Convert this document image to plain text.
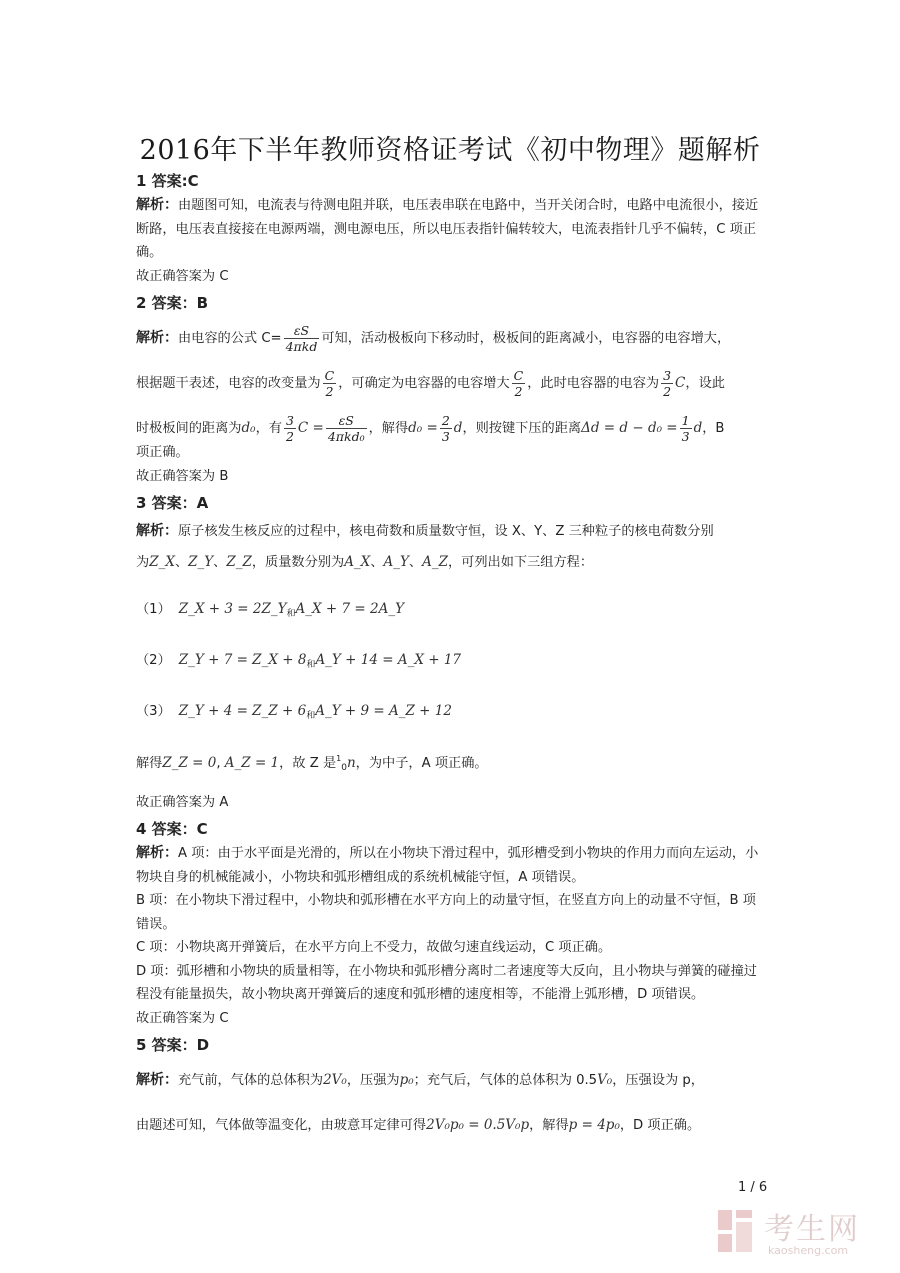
2016年下半年教师资格证考试《初中物理》题解析
1 答案:C

解析：由题图可知，电流表与待测电阻并联，电压表串联在电路中，当开关闭合时，电路中电流很小，接近断路，电压表直接接在电源两端，测电源电压，所以电压表指针偏转较大，电流表指针几乎不偏转，C 项正确。

故正确答案为 C

2 答案：B

解析：由电容的公式 $C= \frac{\varepsilon S}{\text{4πkd}}$ 可知，活动极板向下移动时，极板间的距离减小，电容器的电容增大，
根据题干表述，电容的改变量为 $\frac{C}{2}$ ，可确定为电容器的电容增大 $\frac{C}{2}$ ，此时电容器的电容为 $\frac{3}{2}$ C，设此
时极板间的距离为d₀，有 $\frac{3}{2}$ $C = \frac{\varepsilon S}{\text{4πkd₀}}$ ，解得$d_0 = \frac{2}{3}$ d，则按键下压的距离$\Delta d = d - d_0 = \frac{1}{3}$ d，B

项正确。

故正确答案为 B

3 答案：A

解析：原子核发生核反应的过程中，核电荷数和质量数守恒，设 X、Y、Z 三种粒子的核电荷数分别
为Z_X、Z_Y、Z_Z，质量数分别为A_X、A_Y、A_Z，可列出如下三组方程：

（1） Z_X + $3 = 2Z\_Y_和A\_X + 7$ = 2A_Y

（2） Z_Y + 7 = Z_X + $8_和A\_Y + 14$ = A_X + 17

（3） Z_Y + 4 = Z_Z + $6_和A\_Y + 9$ = A_Z + 12

解得Z_Z = 0, A_Z = 1，故 Z 是$^1_0$n，为中子，A 项正确。

故正确答案为 A

4 答案：C

解析：A 项：由于水平面是光滑的，所以在小物块下滑过程中，弧形槽受到小物块的作用力而向左运动，小物块自身的机械能减小，小物块和弧形槽组成的系统机械能守恒，A 项错误。

B 项：在小物块下滑过程中，小物块和弧形槽在水平方向上的动量守恒，在竖直方向上的动量不守恒，B 项错误。

C 项：小物块离开弹簧后，在水平方向上不受力，故做匀速直线运动，C 项正确。

D 项：弧形槽和小物块的质量相等，在小物块和弧形槽分离时二者速度等大反向，且小物块与弹簧的碰撞过程没有能量损失，故小物块离开弹簧后的速度和弧形槽的速度相等，不能滑上弧形槽，D 项错误。

故正确答案为 C

5 答案：D

解析：充气前，气体的总体积为2V₀，压强为p₀；充气后，气体的总体积为 0.5V₀，压强设为 p，
由题述可知，气体做等温变化，由玻意耳定律可得2V₀p₀ = 0.5V₀p，解得p = 4p₀，D 项正确。

1 / 6
考生网
kaosheng.com
